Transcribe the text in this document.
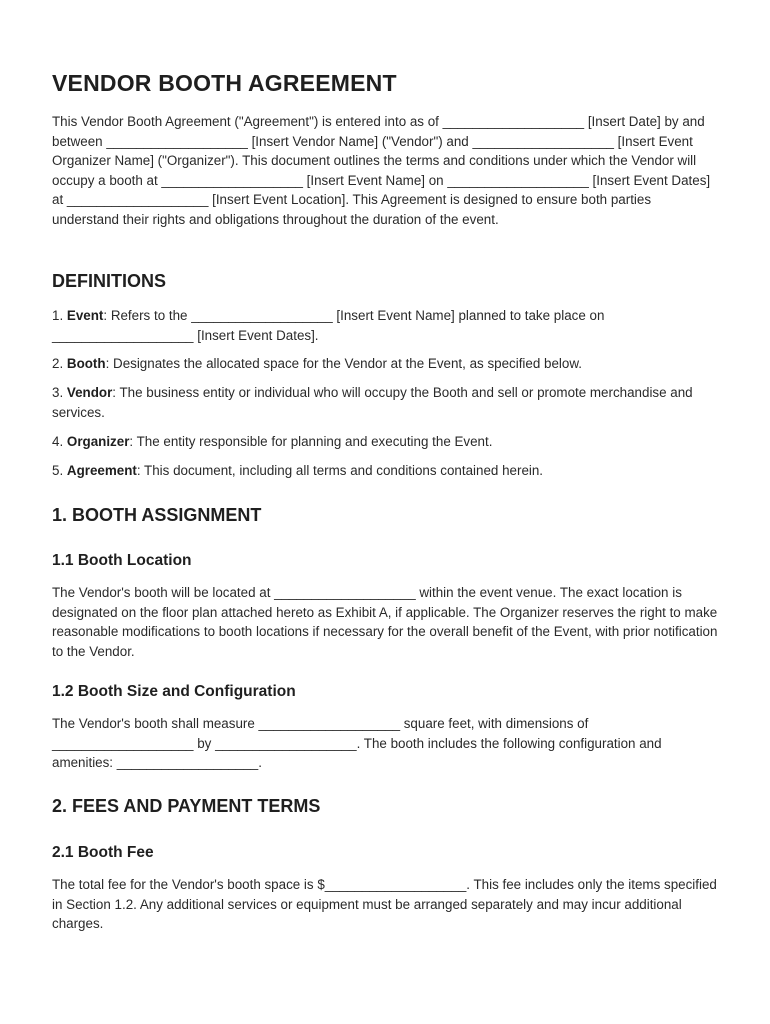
VENDOR BOOTH AGREEMENT

This Vendor Booth Agreement ("Agreement") is entered into as of ___________________ [Insert Date] by and between ___________________ [Insert Vendor Name] ("Vendor") and ___________________ [Insert Event Organizer Name] ("Organizer"). This document outlines the terms and conditions under which the Vendor will occupy a booth at ___________________ [Insert Event Name] on ___________________ [Insert Event Dates] at ___________________ [Insert Event Location]. This Agreement is designed to ensure both parties understand their rights and obligations throughout the duration of the event.

DEFINITIONS

1. Event: Refers to the ___________________ [Insert Event Name] planned to take place on ___________________ [Insert Event Dates].

2. Booth: Designates the allocated space for the Vendor at the Event, as specified below.

3. Vendor: The business entity or individual who will occupy the Booth and sell or promote merchandise and services.

4. Organizer: The entity responsible for planning and executing the Event.

5. Agreement: This document, including all terms and conditions contained herein.

1. BOOTH ASSIGNMENT
1.1 Booth Location

The Vendor's booth will be located at ___________________ within the event venue. The exact location is designated on the floor plan attached hereto as Exhibit A, if applicable. The Organizer reserves the right to make reasonable modifications to booth locations if necessary for the overall benefit of the Event, with prior notification to the Vendor.

1.2 Booth Size and Configuration

The Vendor's booth shall measure ___________________ square feet, with dimensions of ___________________ by ___________________. The booth includes the following configuration and amenities: ___________________.

2. FEES AND PAYMENT TERMS
2.1 Booth Fee

The total fee for the Vendor's booth space is $___________________. This fee includes only the items specified in Section 1.2. Any additional services or equipment must be arranged separately and may incur additional charges.
